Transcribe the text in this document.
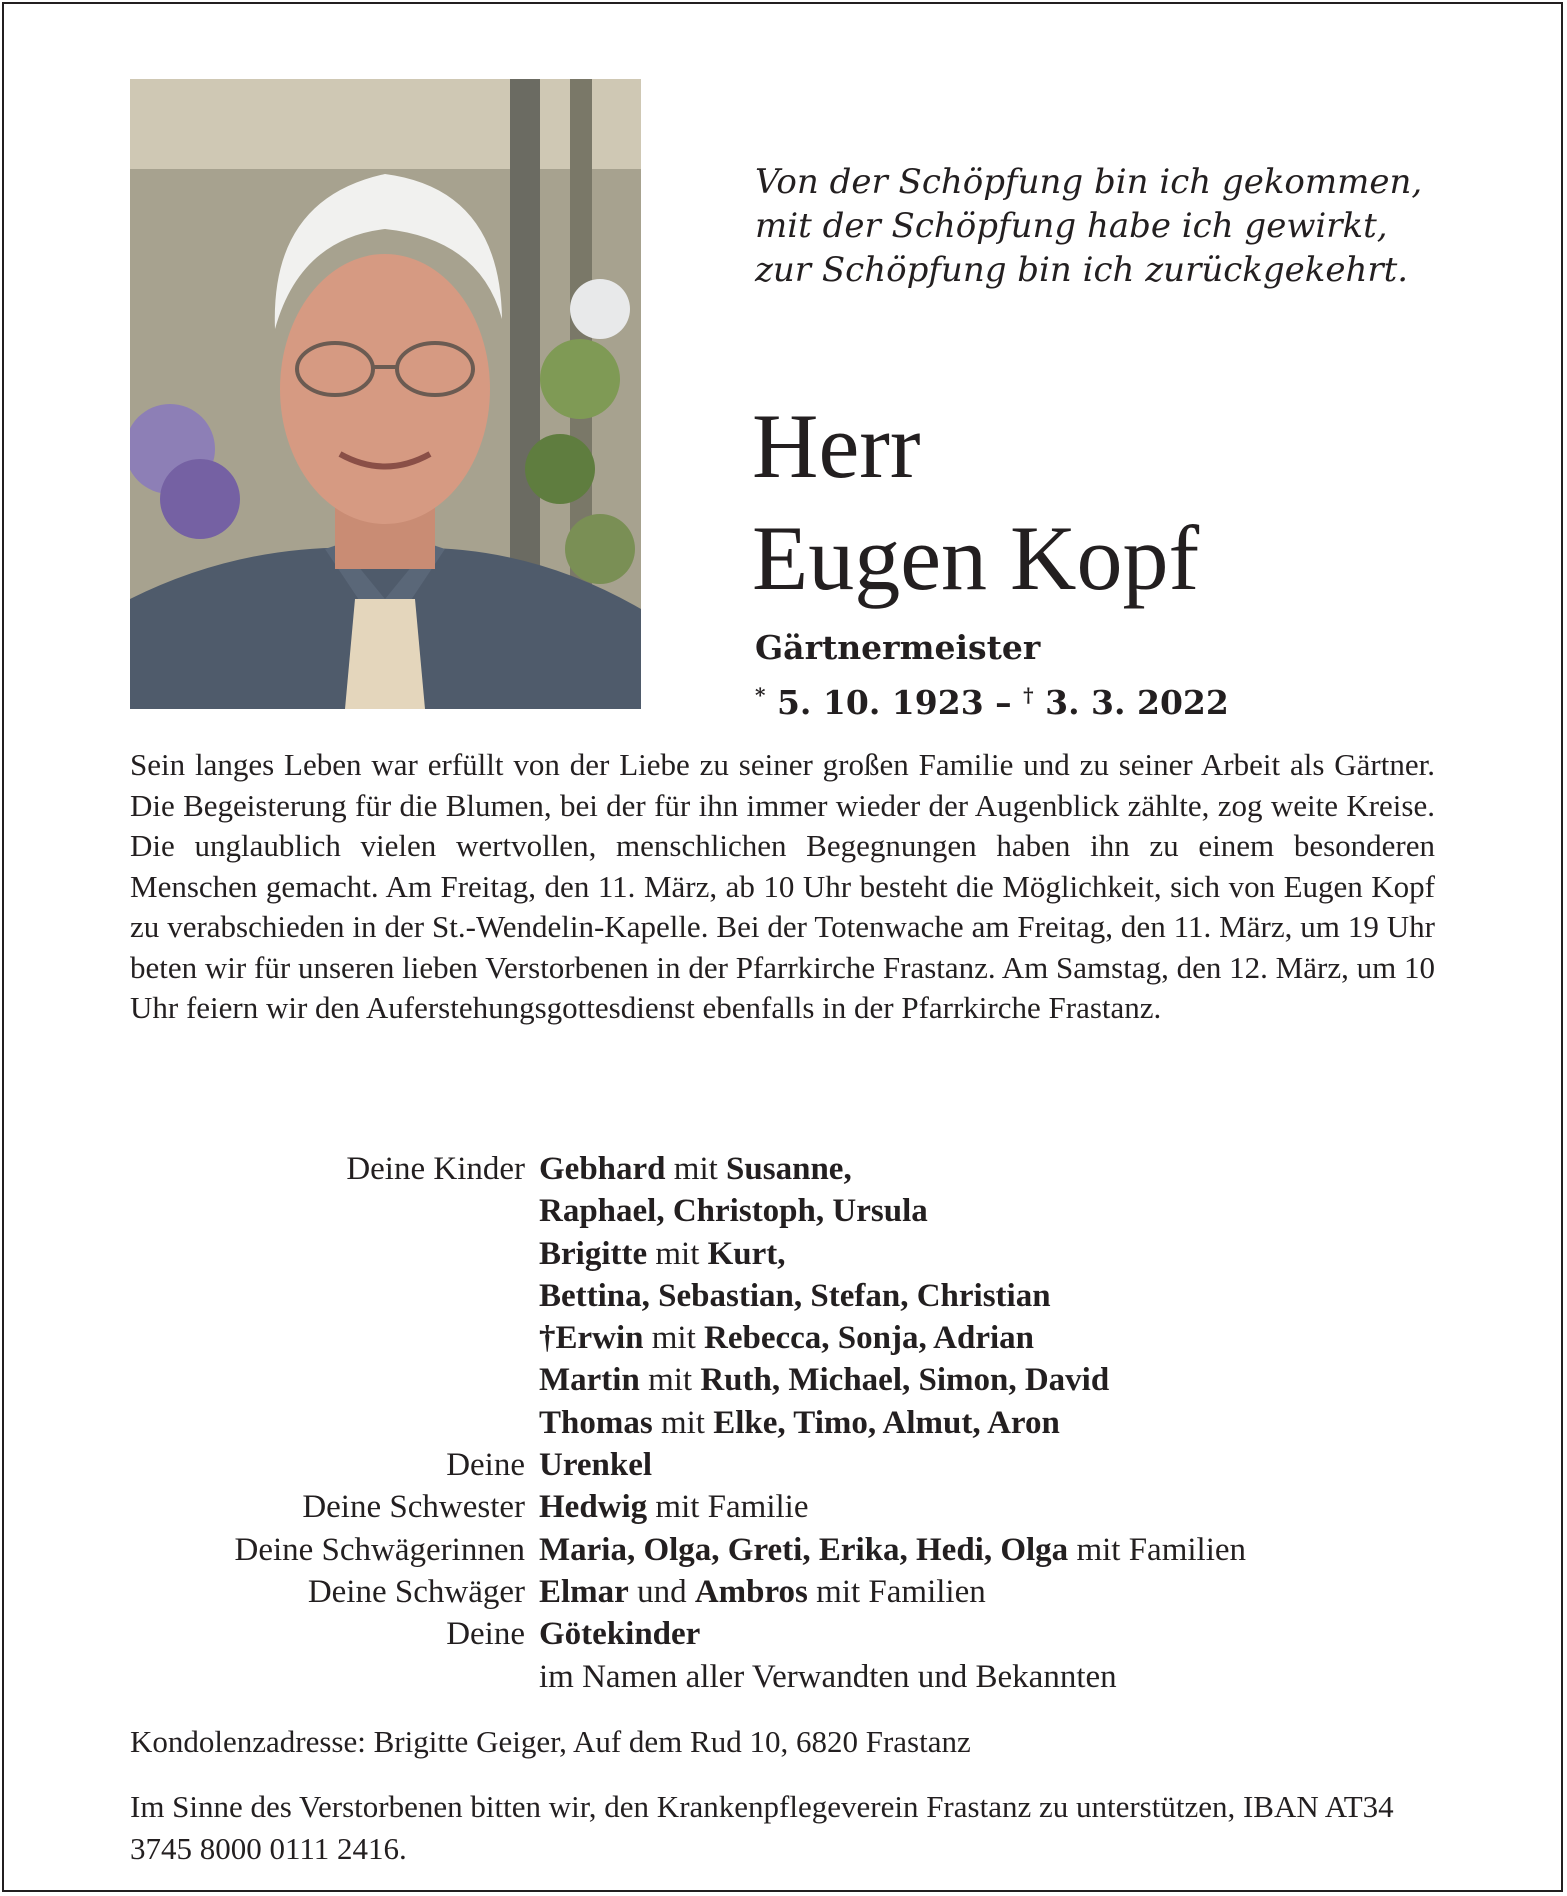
Von der Schöpfung bin ich gekommen,
mit der Schöpfung habe ich gewirkt,
zur Schöpfung bin ich zurückgekehrt.
Herr
Eugen Kopf
Gärtnermeister
* 5. 10. 1923 – † 3. 3. 2022
Sein langes Leben war erfüllt von der Liebe zu seiner großen Familie und zu seiner Arbeit als Gärtner. Die Begeisterung für die Blumen, bei der für ihn immer wieder der Augenblick zählte, zog weite Kreise. Die unglaublich vielen wertvollen, menschlichen Begegnungen haben ihn zu einem besonderen Menschen gemacht. Am Freitag, den 11. März, ab 10 Uhr besteht die Möglichkeit, sich von Eugen Kopf zu verabschieden in der St.-Wendelin-Kapelle. Bei der Totenwache am Freitag, den 11. März, um 19 Uhr beten wir für unseren lieben Verstorbenen in der Pfarrkirche Frastanz. Am Samstag, den 12. März, um 10 Uhr feiern wir den Auferstehungsgottesdienst ebenfalls in der Pfarrkirche Frastanz.
Deine Kinder Gebhard mit Susanne,
Raphael, Christoph, Ursula
Brigitte mit Kurt,
Bettina, Sebastian, Stefan, Christian
†Erwin mit Rebecca, Sonja, Adrian
Martin mit Ruth, Michael, Simon, David
Thomas mit Elke, Timo, Almut, Aron
Deine Urenkel
Deine Schwester Hedwig mit Familie
Deine Schwägerinnen Maria, Olga, Greti, Erika, Hedi, Olga mit Familien
Deine Schwäger Elmar und Ambros mit Familien
Deine Götekinder
im Namen aller Verwandten und Bekannten
Kondolenzadresse: Brigitte Geiger, Auf dem Rud 10, 6820 Frastanz
Im Sinne des Verstorbenen bitten wir, den Krankenpflegeverein Frastanz zu unterstützen, IBAN AT34 3745 8000 0111 2416.
